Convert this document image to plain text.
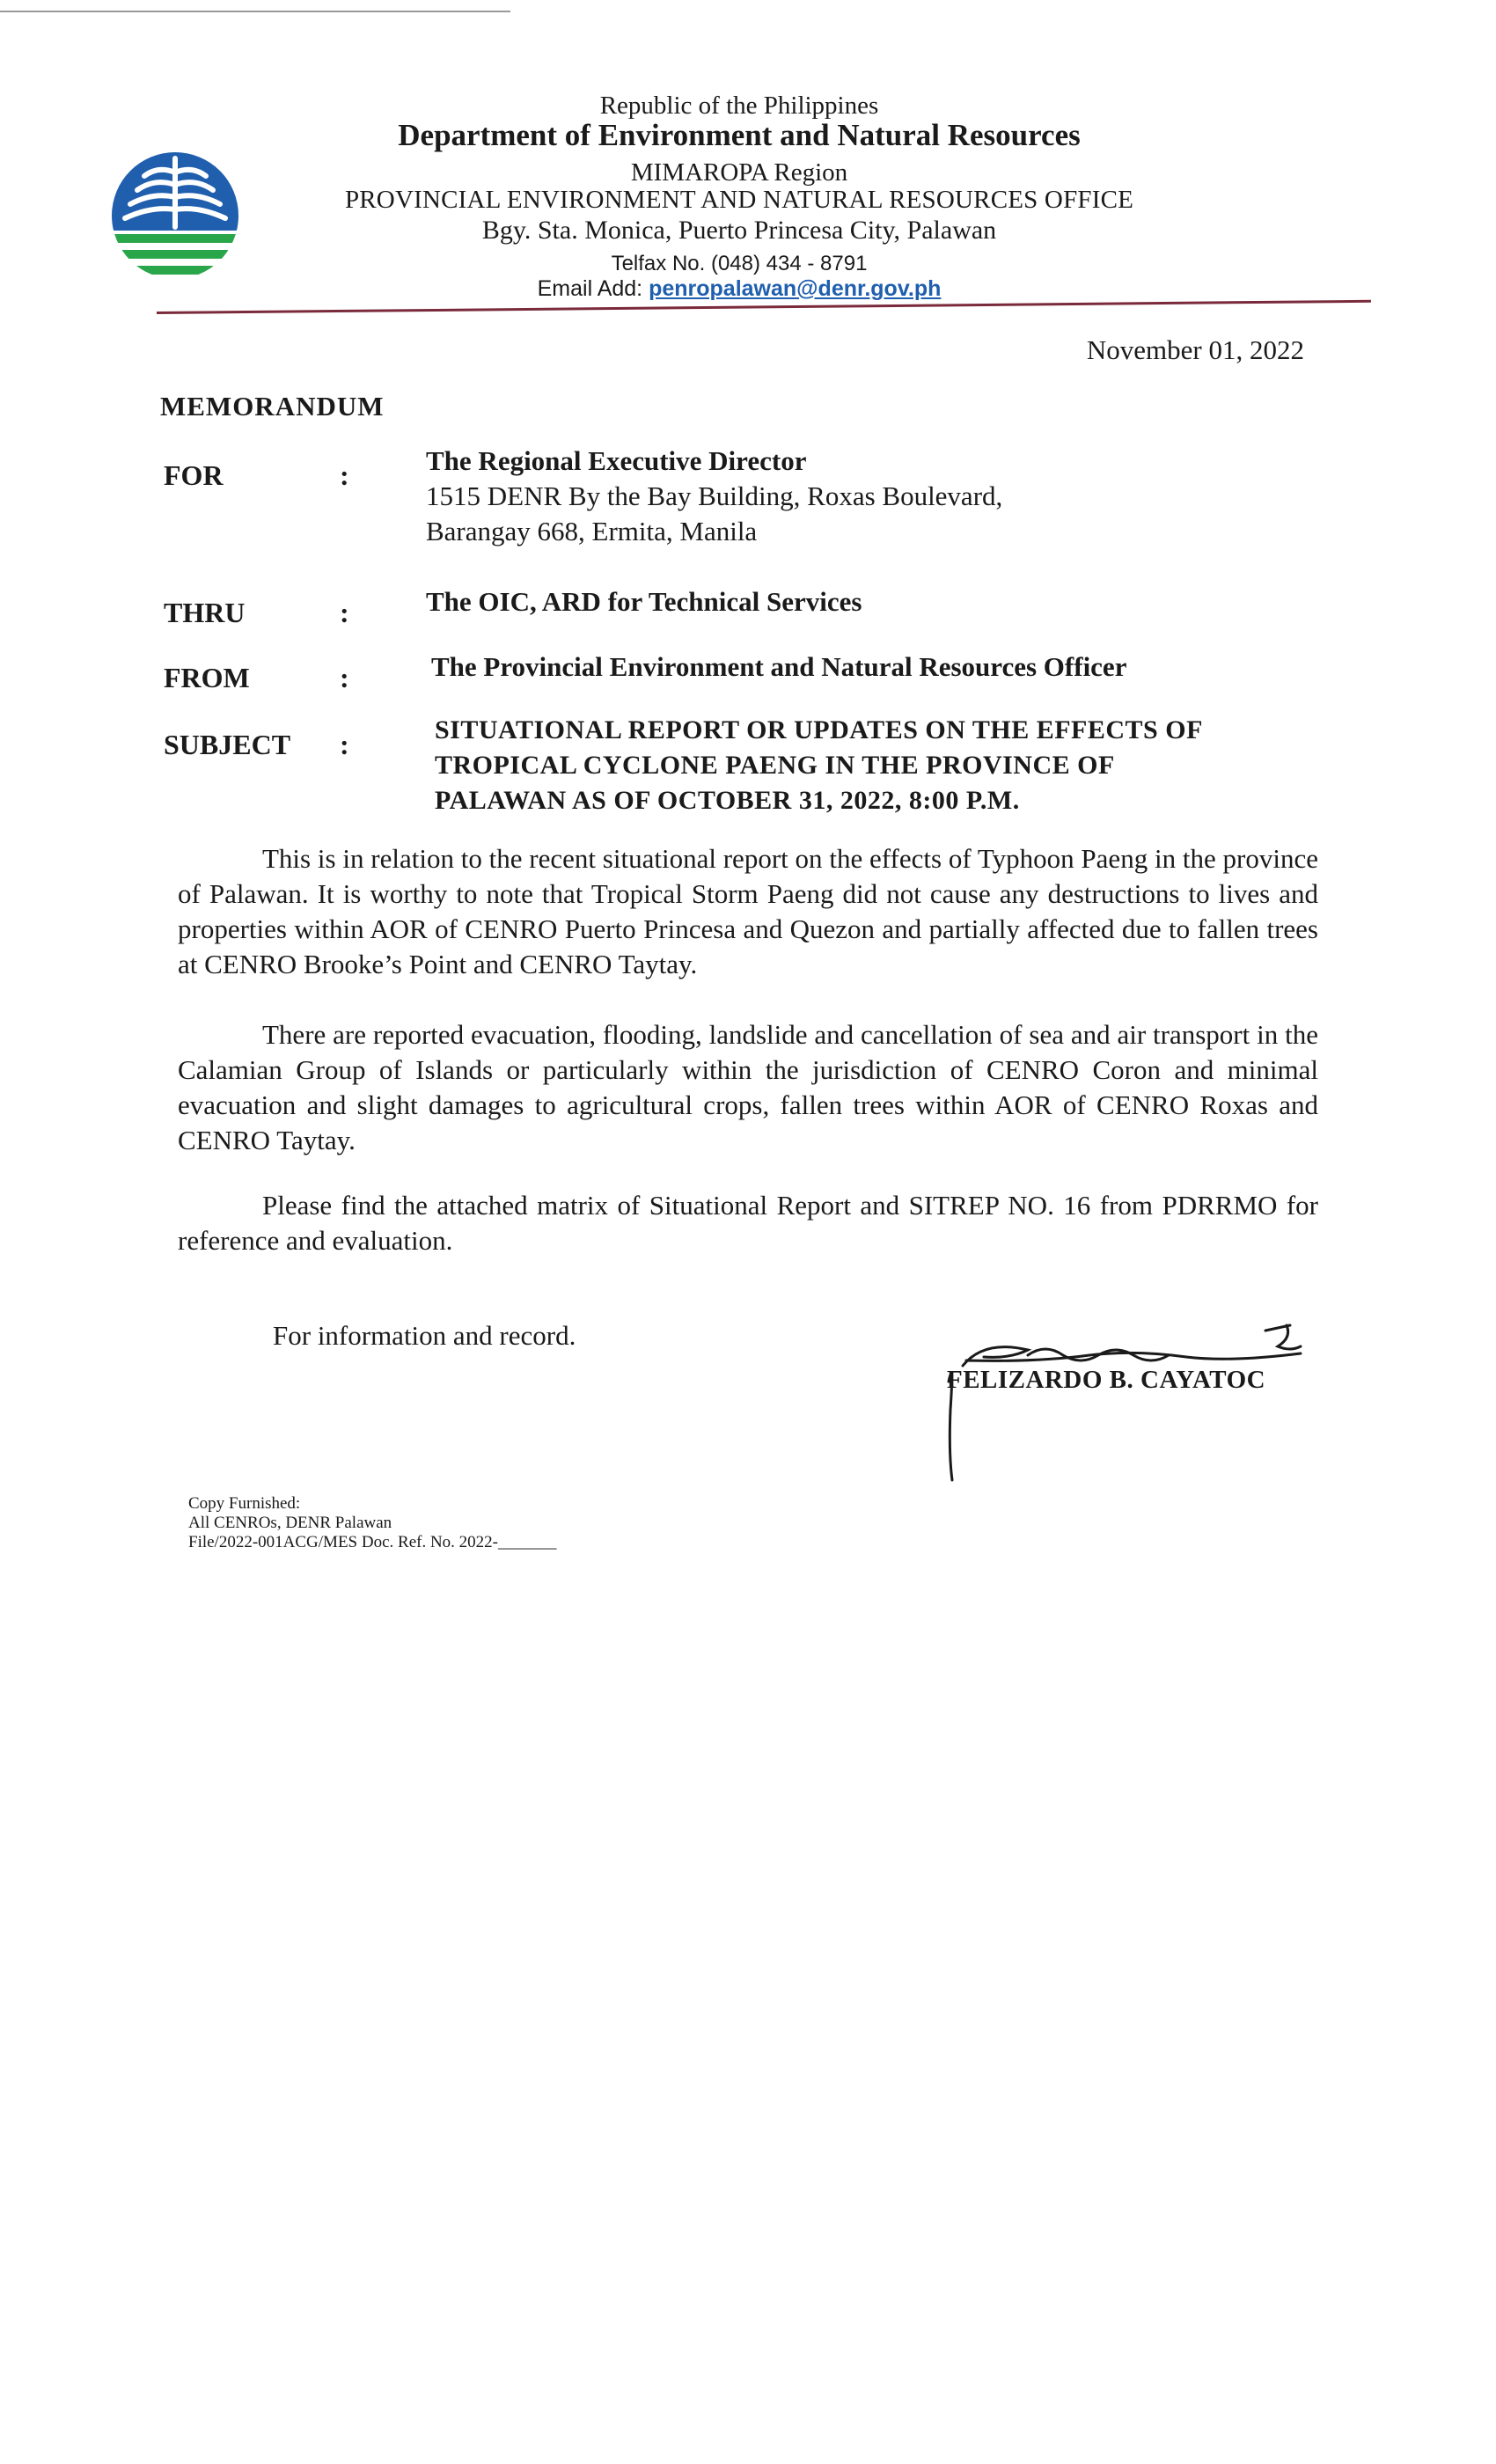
Republic of the Philippines
Department of Environment and Natural Resources
MIMAROPA Region
PROVINCIAL ENVIRONMENT AND NATURAL RESOURCES OFFICE
Bgy. Sta. Monica, Puerto Princesa City, Palawan
Telfax No. (048) 434 - 8791
Email Add: penropalawan@denr.gov.ph
November 01, 2022
MEMORANDUM
FOR	:	The Regional Executive Director
1515 DENR By the Bay Building, Roxas Boulevard,
Barangay 668, Ermita, Manila
THRU	:	The OIC, ARD for Technical Services
FROM	:	The Provincial Environment and Natural Resources Officer
SUBJECT :	SITUATIONAL REPORT OR UPDATES ON THE EFFECTS OF
TROPICAL CYCLONE PAENG IN THE PROVINCE OF
PALAWAN AS OF OCTOBER 31, 2022, 8:00 P.M.
This is in relation to the recent situational report on the effects of Typhoon Paeng in the province of Palawan. It is worthy to note that Tropical Storm Paeng did not cause any destructions to lives and properties within AOR of CENRO Puerto Princesa and Quezon and partially affected due to fallen trees at CENRO Brooke’s Point and CENRO Taytay.
There are reported evacuation, flooding, landslide and cancellation of sea and air transport in the Calamian Group of Islands or particularly within the jurisdiction of CENRO Coron and minimal evacuation and slight damages to agricultural crops, fallen trees within AOR of CENRO Roxas and CENRO Taytay.
Please find the attached matrix of Situational Report and SITREP NO. 16 from PDRRMO for reference and evaluation.
For information and record.
FELIZARDO B. CAYATOC
Copy Furnished:
All CENROs, DENR Palawan
File/2022-001ACG/MES Doc. Ref. No. 2022-_______
